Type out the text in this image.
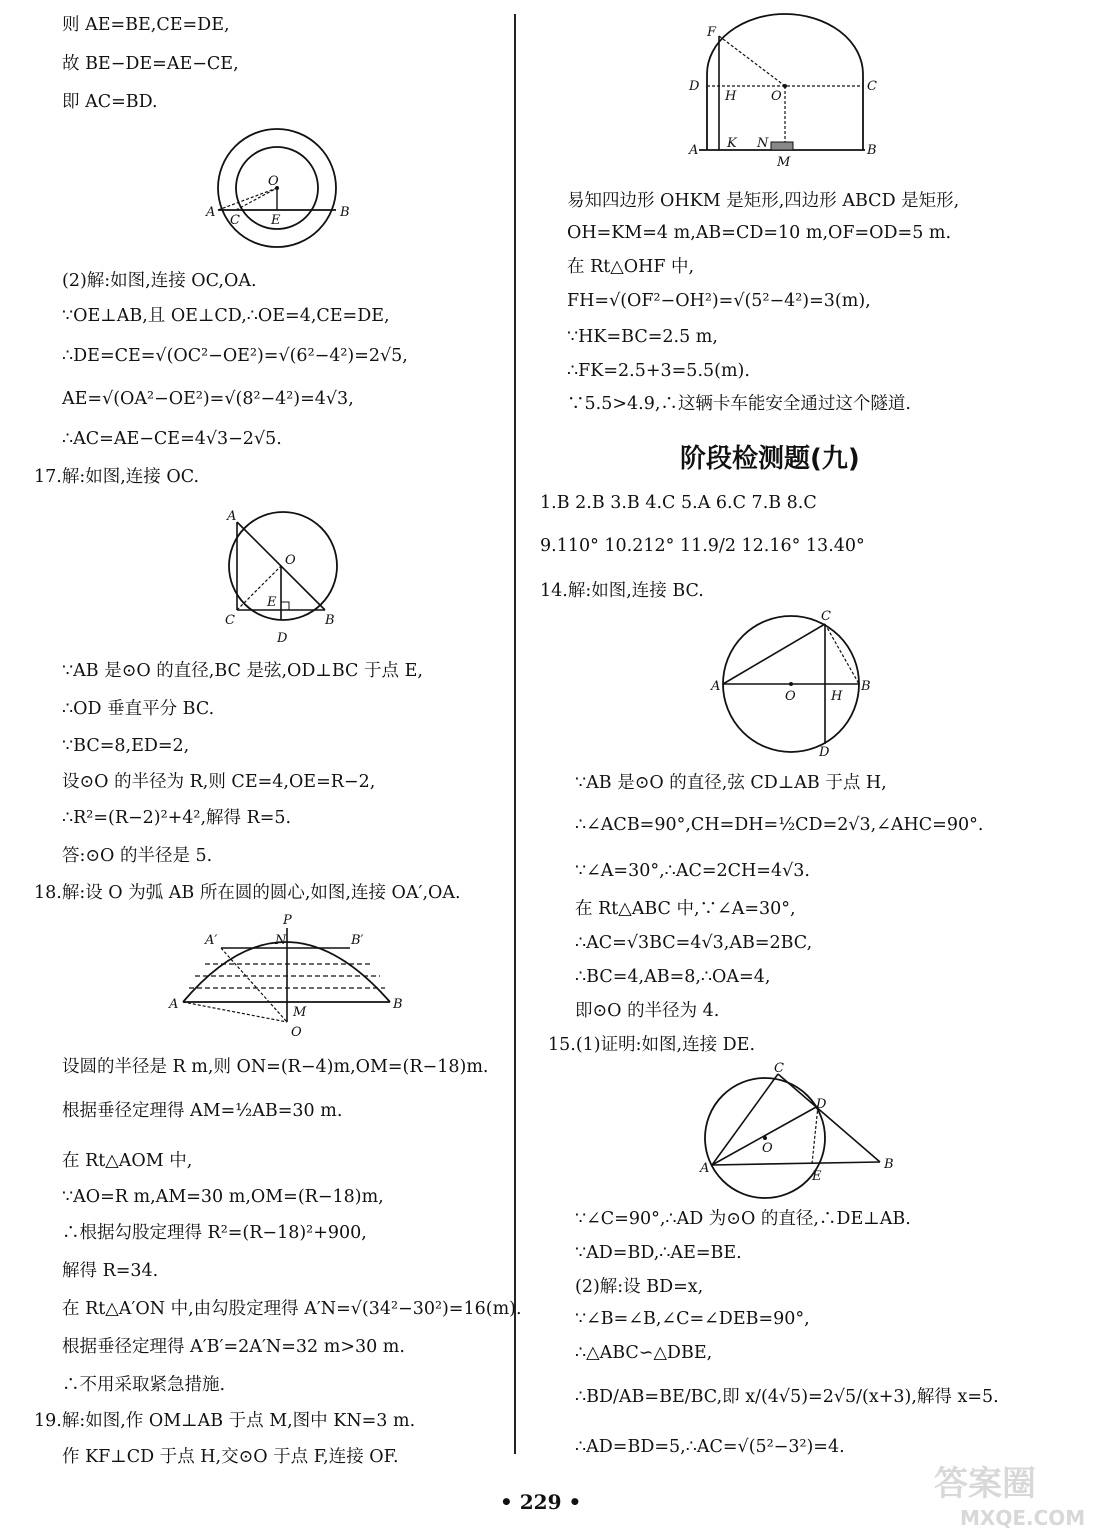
则 AE=BE,CE=DE,
故 BE−DE=AE−CE,
即 AC=BD.
O
A
C E
B
(2)解:如图,连接 OC,OA.
∵OE⊥AB,且 OE⊥CD,∴OE=4,CE=DE,
∴DE=CE=√(OC²−OE²)=√(6²−4²)=2√5,
AE=√(OA²−OE²)=√(8²−4²)=4√3,
∴AC=AE−CE=4√3−2√5.
17.解:如图,连接 OC.
A
O
E
C
D
B
∵AB 是⊙O 的直径,BC 是弦,OD⊥BC 于点 E,
∴OD 垂直平分 BC.
∵BC=8,ED=2,
设⊙O 的半径为 R,则 CE=4,OE=R−2,
∴R²=(R−2)²+4²,解得 R=5.
答:⊙O 的半径是 5.
18.解:设 O 为弧 AB 所在圆的圆心,如图,连接 OA′,OA.
P
A′	N	B′
A	B
M
O
设圆的半径是 R m,则 ON=(R−4)m,OM=(R−18)m.
根据垂径定理得 AM=½AB=30 m.
在 Rt△AOM 中,
∵AO=R m,AM=30 m,OM=(R−18)m,
∴根据勾股定理得 R²=(R−18)²+900,
解得 R=34.
在 Rt△A′ON 中,由勾股定理得 A′N=√(34²−30²)=16(m).
根据垂径定理得 A′B′=2A′N=32 m>30 m.
∴不用采取紧急措施.
19.解:如图,作 OM⊥AB 于点 M,图中 KN=3 m.
作 KF⊥CD 于点 H,交⊙O 于点 F,连接 OF.
F
D
H	O
C
A K N
M
B
易知四边形 OHKM 是矩形,四边形 ABCD 是矩形,
OH=KM=4 m,AB=CD=10 m,OF=OD=5 m.
在 Rt△OHF 中,
FH=√(OF²−OH²)=√(5²−4²)=3(m),
∵HK=BC=2.5 m,
∴FK=2.5+3=5.5(m).
∵5.5>4.9,∴这辆卡车能安全通过这个隧道.
阶段检测题(九)
1.B 2.B 3.B 4.C 5.A 6.C 7.B 8.C
9.110° 10.212° 11.9/2 12.16° 13.40°
14.解:如图,连接 BC.
C
A
O	H
B
D
∵AB 是⊙O 的直径,弦 CD⊥AB 于点 H,
∴∠ACB=90°,CH=DH=½CD=2√3,∠AHC=90°.
∵∠A=30°,∴AC=2CH=4√3.
在 Rt△ABC 中,∵∠A=30°,
∴AC=√3BC=4√3,AB=2BC,
∴BC=4,AB=8,∴OA=4,
即⊙O 的半径为 4.
15.(1)证明:如图,连接 DE.
C
D
O
A
E
B
∵∠C=90°,∴AD 为⊙O 的直径,∴DE⊥AB.
∵AD=BD,∴AE=BE.
(2)解:设 BD=x,
∵∠B=∠B,∠C=∠DEB=90°,
∴△ABC∽△DBE,
∴BD/AB=BE/BC,即 x/(4√5)=2√5/(x+3),解得 x=5.
∴AD=BD=5,∴AC=√(5²−3²)=4.
• 229 •	答案圈
MXQE.COM
